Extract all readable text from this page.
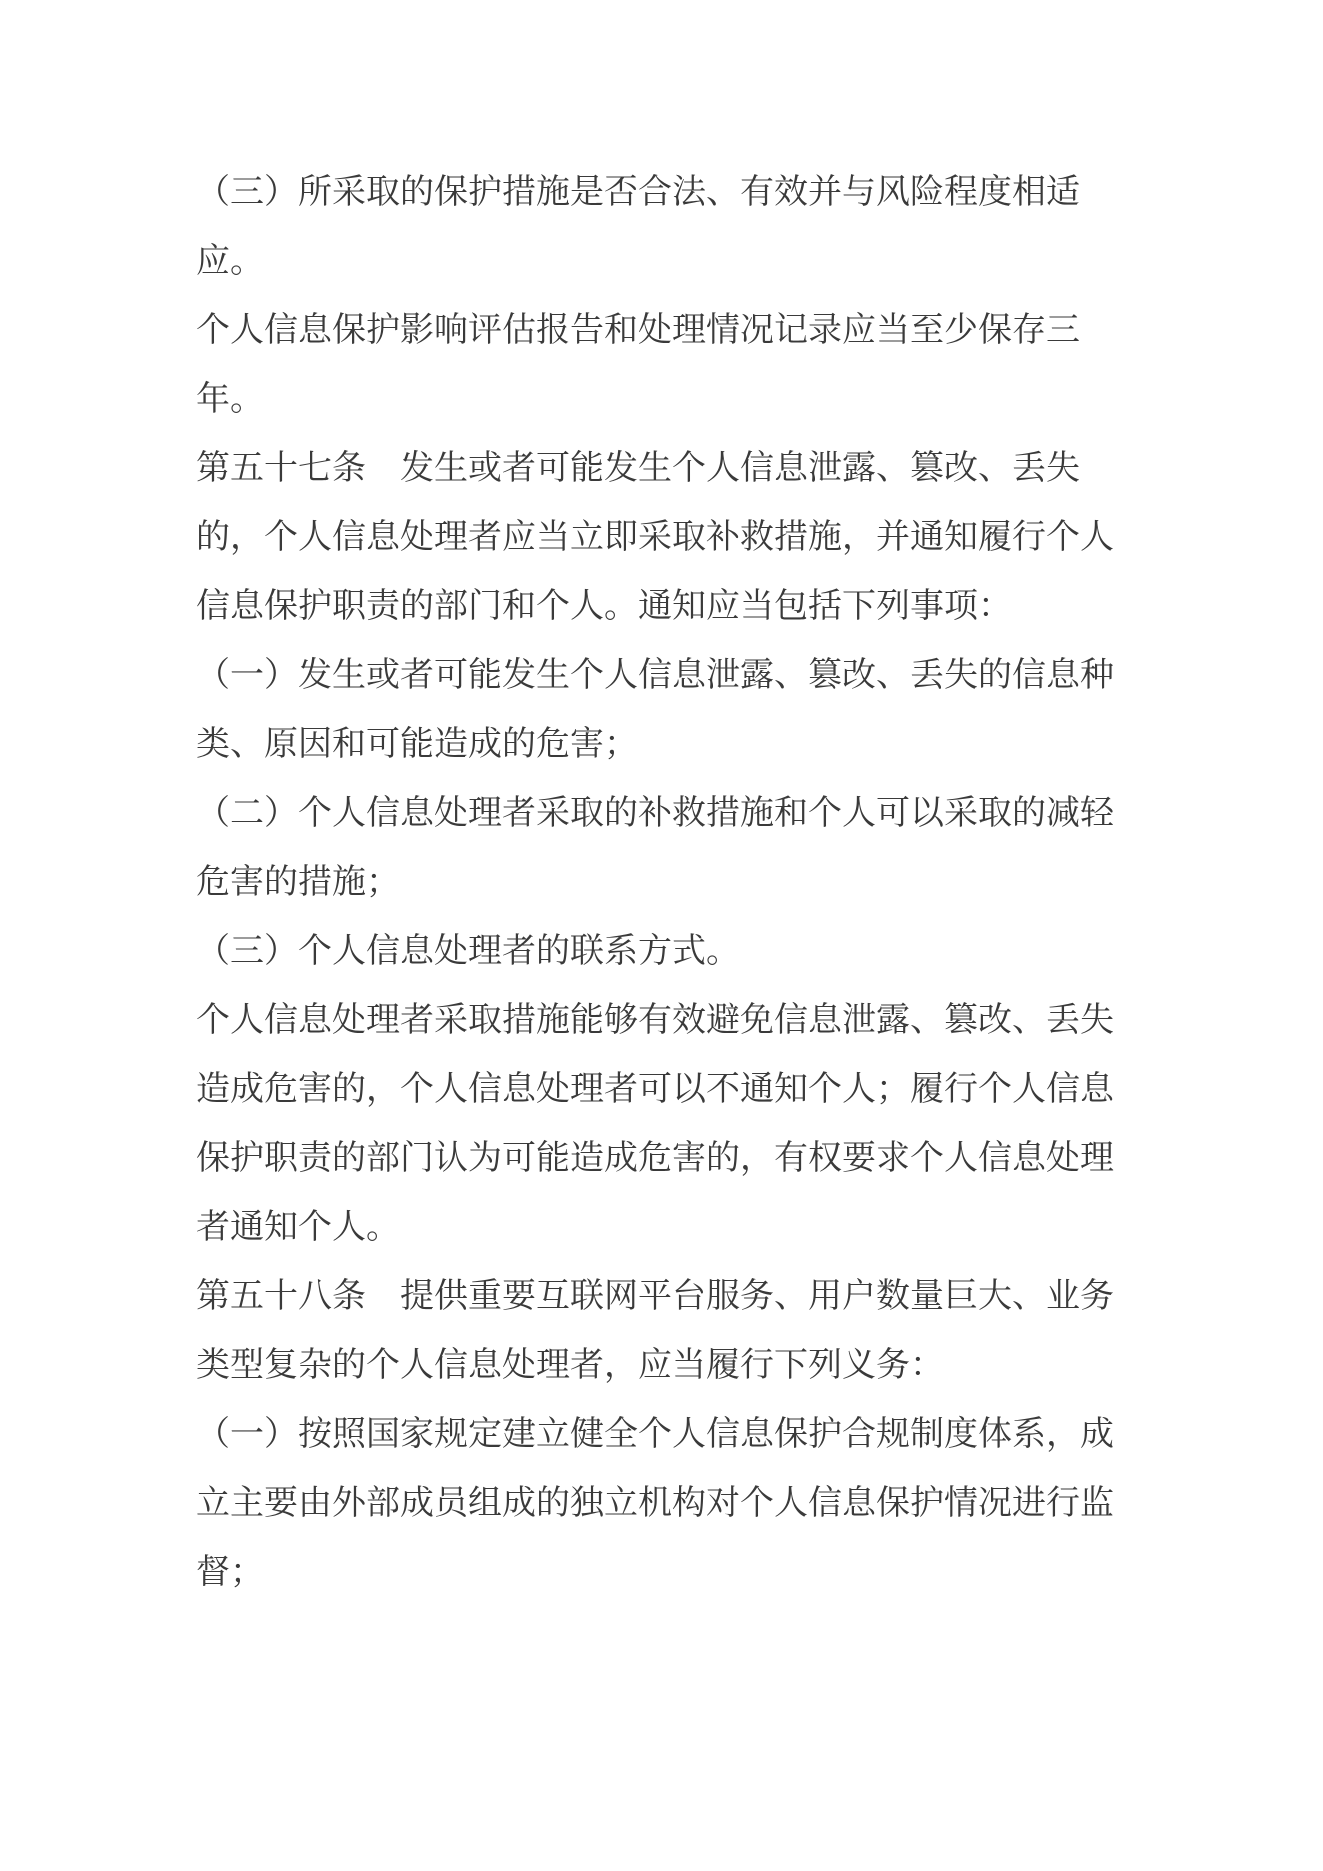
（三）所采取的保护措施是否合法、有效并与风险程度相适
应。
个人信息保护影响评估报告和处理情况记录应当至少保存三
年。
第五十七条　发生或者可能发生个人信息泄露、篡改、丢失
的，个人信息处理者应当立即采取补救措施，并通知履行个人
信息保护职责的部门和个人。通知应当包括下列事项：
（一）发生或者可能发生个人信息泄露、篡改、丢失的信息种
类、原因和可能造成的危害；
（二）个人信息处理者采取的补救措施和个人可以采取的减轻
危害的措施；
（三）个人信息处理者的联系方式。
个人信息处理者采取措施能够有效避免信息泄露、篡改、丢失
造成危害的，个人信息处理者可以不通知个人；履行个人信息
保护职责的部门认为可能造成危害的，有权要求个人信息处理
者通知个人。
第五十八条　提供重要互联网平台服务、用户数量巨大、业务
类型复杂的个人信息处理者，应当履行下列义务：
（一）按照国家规定建立健全个人信息保护合规制度体系，成
立主要由外部成员组成的独立机构对个人信息保护情况进行监
督；
